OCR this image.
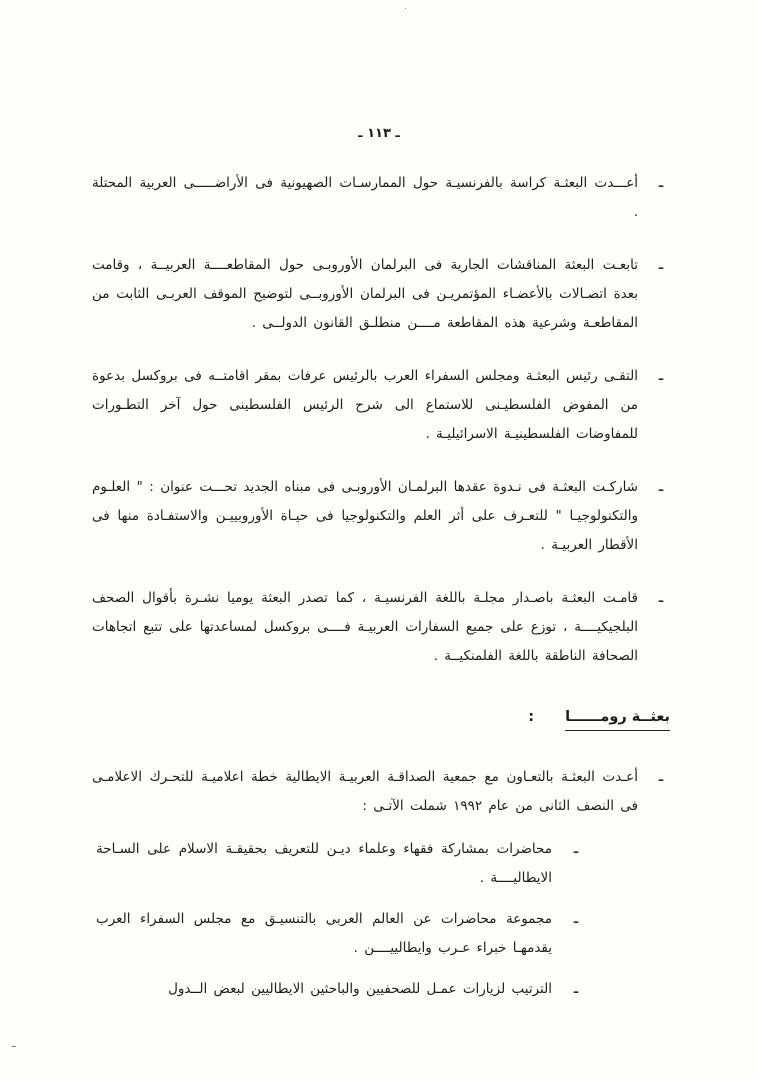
·
ـ ١١٣ ـ
ـ

أعـــدت البعثـة كراسة بالفرنسيـة حول الممارسـات الصهيونية فى الأراضـــــى العربية المحتلة .

ـ

تابعـت البعثة المناقشات الجارية فى البرلمان الأوروبـى حول المقاطعــــة العربيــة ، وقامت بعدة اتصـالات بالأعضـاء المؤتمريـن فى البرلمان الأوروبــى لتوضيح الموقف العربـى الثابت من المقاطعـة وشرعية هذه المقاطعة مــــن منطلـق القانون الدولــى .

ـ

التقـى رئيس البعثـة ومجلس السفراء العرب بالرئيس عرفات بمقر اقامتــه فى بروكسل بدعوة من المفوض الفلسطيـنى للاستماع الى شرح الرئيس الفلسطينى حول آخر التطـورات للمفاوضات الفلسطينيـة الاسرائيليـة .

ـ

شاركـت البعثـة فى نـدوة عقدها البرلمـان الأوروبـى فى مبناه الجديد تحـــت عنوان : " العلـوم والتكنولوجيـا " للتعـرف على أثر العلم والتكنولوجيا فى حيـاة الأوروبييـن والاستفـادة منها فى الأقطار العربيـة .

ـ

قامـت البعثـة باصـدار مجلـة باللغة الفرنسيـة ، كما تصدر البعثة يوميا نشـرة بأقوال الصحف البلجيكيــــة ، توزع على جميع السفارات العربيـة فــــى بروكسل لمساعدتها على تتبع اتجاهات الصحافة الناطقة باللغة الفلمنكيــة .

بعثــة رومــــــا :
ـ

أعـدت البعثـة بالتعـاون مع جمعية الصداقـة العربيـة الايطالية خطة اعلاميـة للتحـرك الاعلامـى فى النصف الثانى من عام ١٩٩٢ شملت الآتـى :

ـ

محاضرات بمشاركة فقهاء وعلماء ديـن للتعريف بحقيقـة الاسلام على السـاحة الايطاليــــة .

ـ

مجموعة محاضرات عن العالم العربى بالتنسيـق مع مجلس السفراء العرب يقدمهـا خبراء عـرب وايطالييــــن .

ـ

الترتيب لزيارات عمـل للصحفيين والباحثين الايطاليين لبعض الــدول

ـ
